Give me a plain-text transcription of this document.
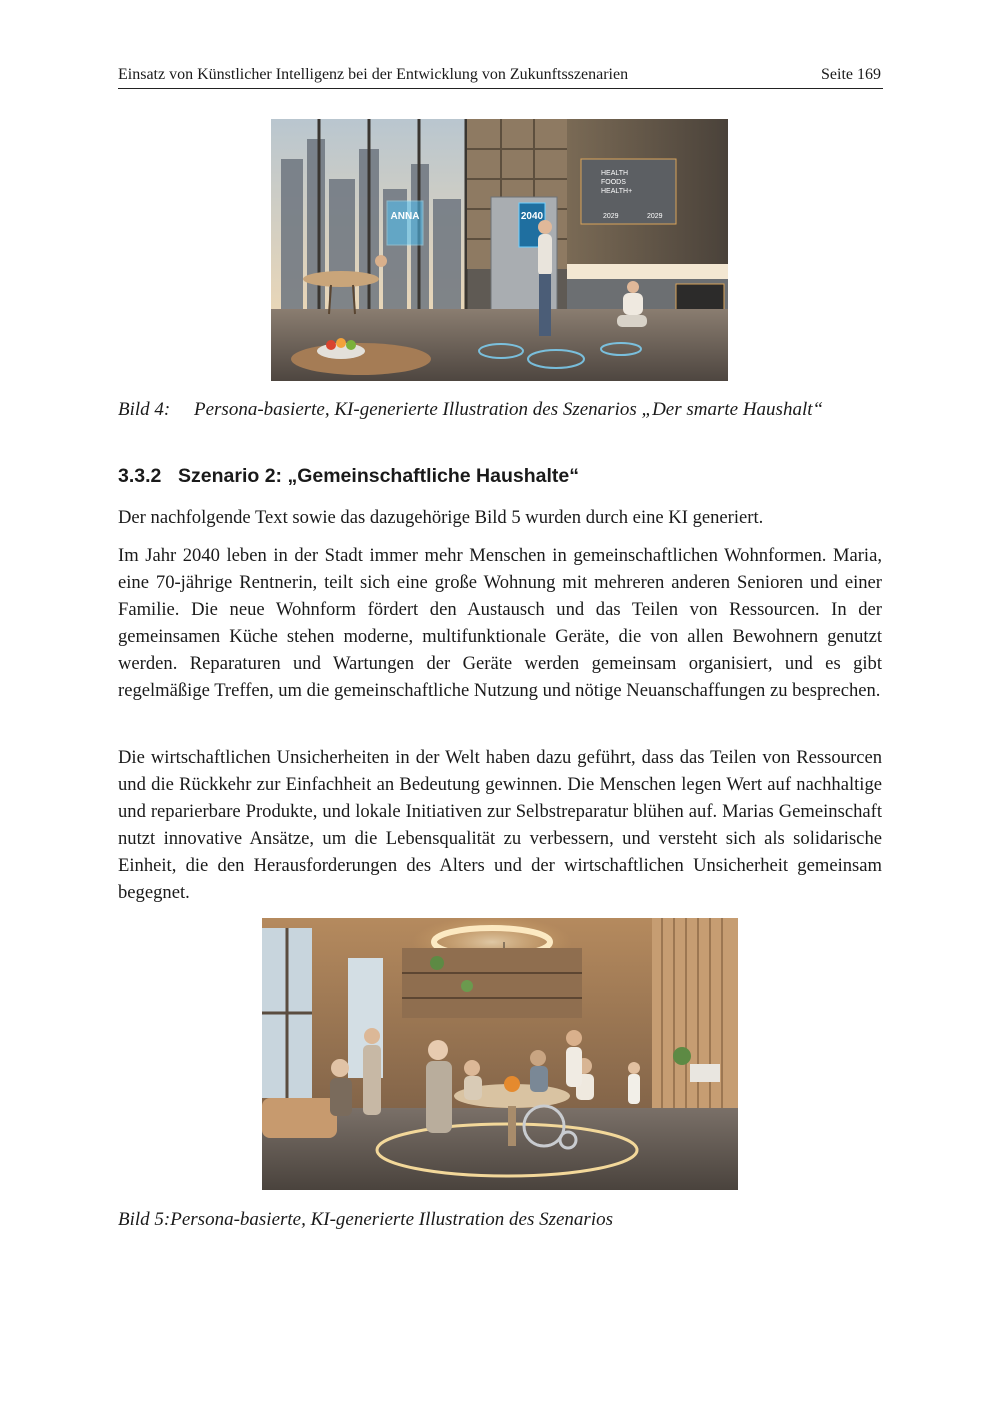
Einsatz von Künstlicher Intelligenz bei der Entwicklung von Zukunftsszenarien	Seite 169
ANNA	2040
HEALTH
FOODS
HEALTH+
2029	2029
Bild 4: Persona-basierte, KI-generierte Illustration des Szenarios „Der smarte Haushalt“
3.3.2 Szenario 2: „Gemeinschaftliche Haushalte“

Der nachfolgende Text sowie das dazugehörige Bild 5 wurden durch eine KI generiert.

Im Jahr 2040 leben in der Stadt immer mehr Menschen in gemeinschaftlichen Wohnformen. Maria, eine 70-jährige Rentnerin, teilt sich eine große Wohnung mit mehreren anderen Senioren und einer Familie. Die neue Wohnform fördert den Austausch und das Teilen von Ressourcen. In der gemeinsamen Küche stehen moderne, multifunktionale Geräte, die von allen Bewohnern genutzt werden. Reparaturen und Wartungen der Geräte werden gemeinsam organisiert, und es gibt regelmäßige Treffen, um die gemeinschaftliche Nutzung und nötige Neuanschaffungen zu besprechen.

Die wirtschaftlichen Unsicherheiten in der Welt haben dazu geführt, dass das Teilen von Ressourcen und die Rückkehr zur Einfachheit an Bedeutung gewinnen. Die Menschen legen Wert auf nachhaltige und reparierbare Produkte, und lokale Initiativen zur Selbstreparatur blühen auf. Marias Gemeinschaft nutzt innovative Ansätze, um die Lebensqualität zu verbessern, und versteht sich als solidarische Einheit, die den Herausforderungen des Alters und der wirtschaftlichen Unsicherheit gemeinsam begegnet.

Bild 5:Persona-basierte, KI-generierte Illustration des Szenarios
